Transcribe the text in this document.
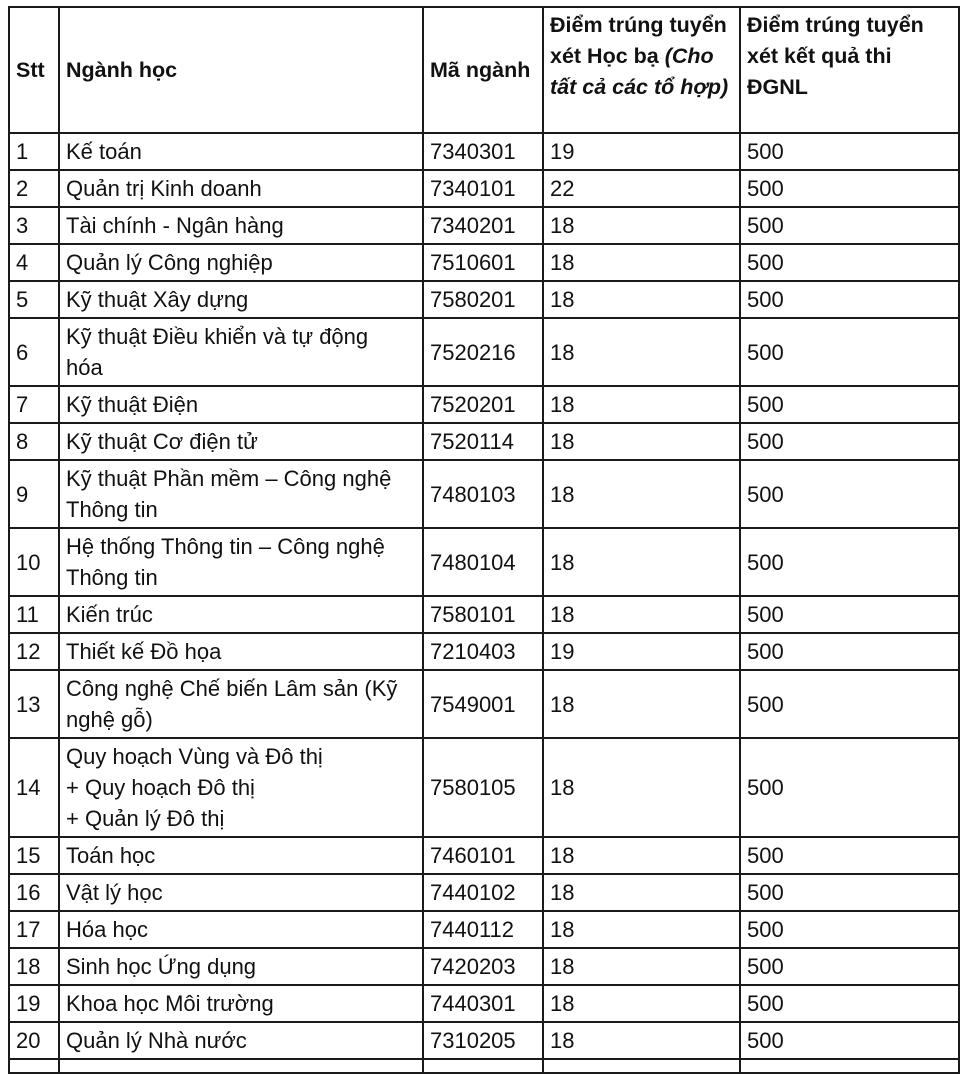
Stt	Ngành học	Mã ngành	Điểm trúng tuyển xét Học bạ (Cho tất cả các tổ hợp)	Điểm trúng tuyển xét kết quả thi ĐGNL
1	Kế toán	7340301	19	500
2	Quản trị Kinh doanh	7340101	22	500
3	Tài chính - Ngân hàng	7340201	18	500
4	Quản lý Công nghiệp	7510601	18	500
5	Kỹ thuật Xây dựng	7580201	18	500
6	Kỹ thuật Điều khiển và tự động
hóa	7520216	18	500
7	Kỹ thuật Điện	7520201	18	500
8	Kỹ thuật Cơ điện tử	7520114	18	500
9	Kỹ thuật Phần mềm – Công nghệ
Thông tin	7480103	18	500
10	Hệ thống Thông tin – Công nghệ
Thông tin	7480104	18	500
11	Kiến trúc	7580101	18	500
12	Thiết kế Đồ họa	7210403	19	500
13	Công nghệ Chế biến Lâm sản (Kỹ
nghệ gỗ)	7549001	18	500
14	Quy hoạch Vùng và Đô thị
+ Quy hoạch Đô thị
+ Quản lý Đô thị	7580105	18	500
15	Toán học	7460101	18	500
16	Vật lý học	7440102	18	500
17	Hóa học	7440112	18	500
18	Sinh học Ứng dụng	7420203	18	500
19	Khoa học Môi trường	7440301	18	500
20	Quản lý Nhà nước	7310205	18	500
